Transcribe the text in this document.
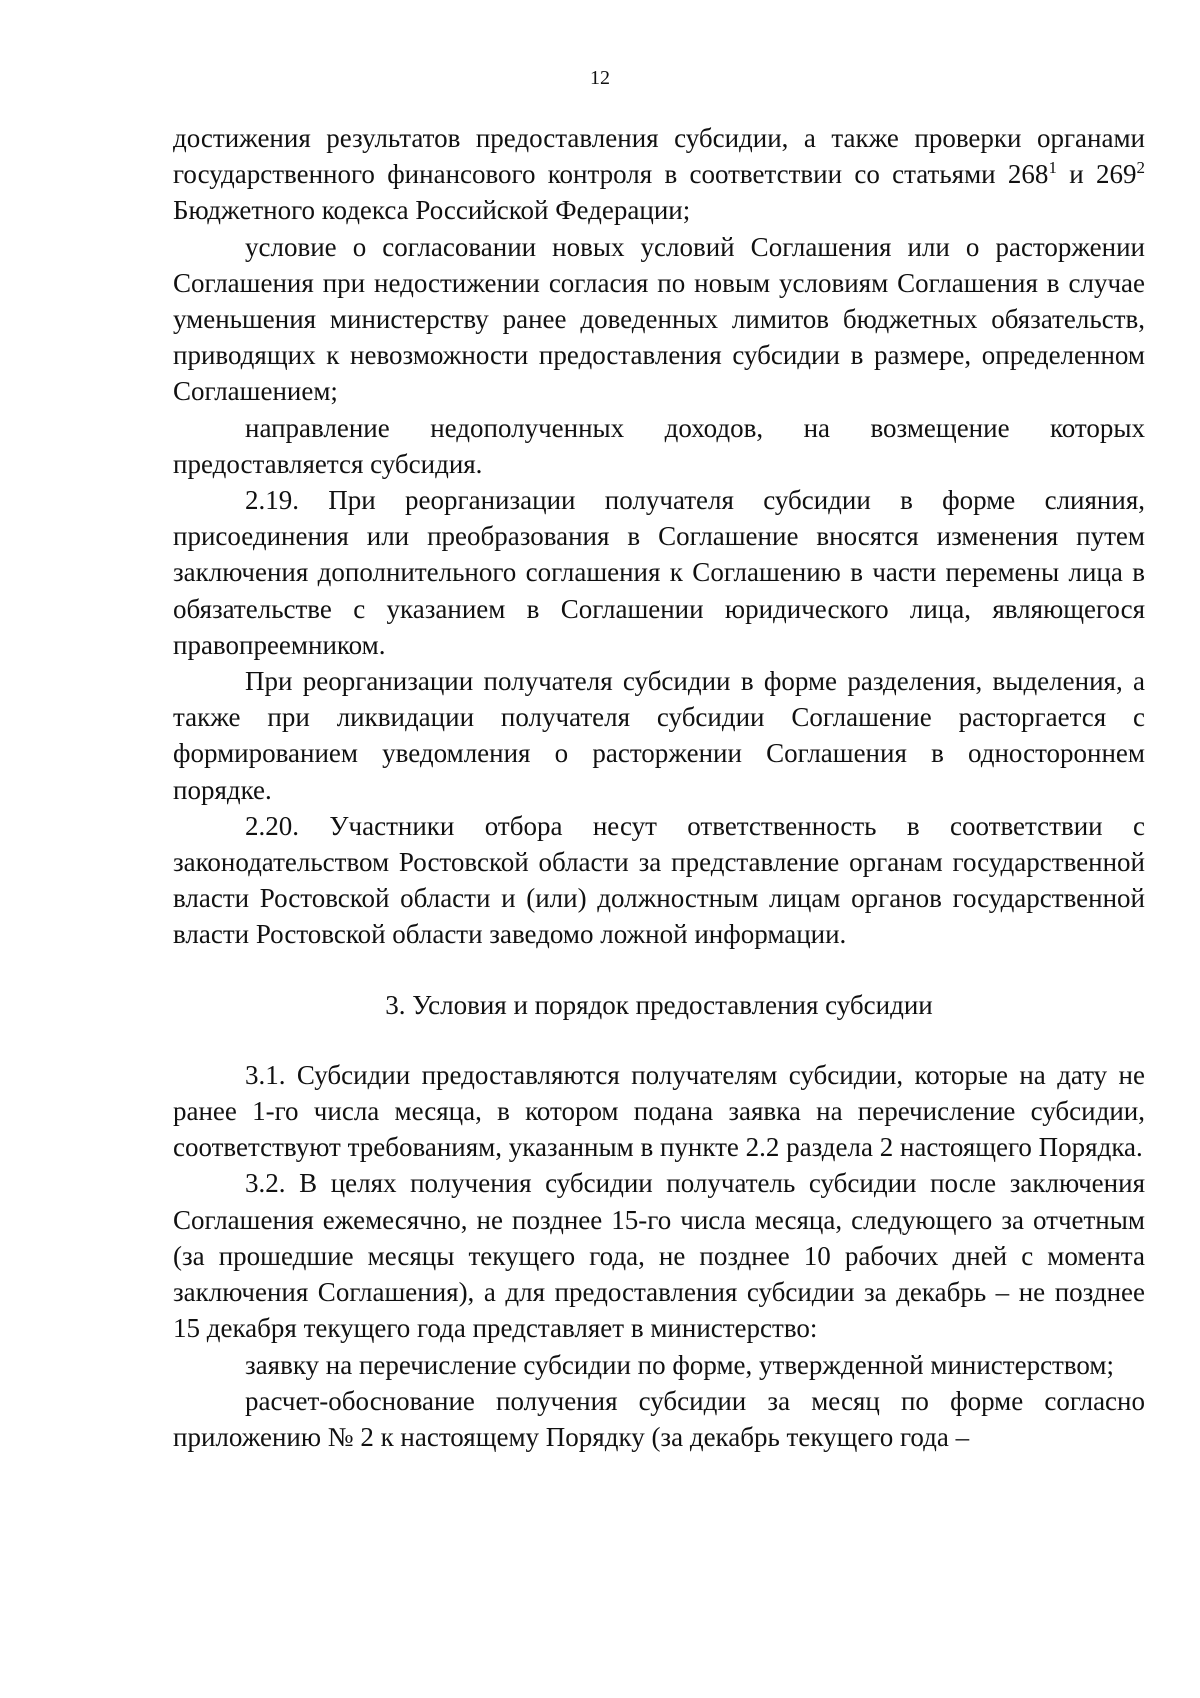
12

достижения результатов предоставления субсидии, а также проверки органами государственного финансового контроля в соответствии со статьями $268^1$ и $269^2$ Бюджетного кодекса Российской Федерации;

условие о согласовании новых условий Соглашения или о расторжении Соглашения при недостижении согласия по новым условиям Соглашения в случае уменьшения министерству ранее доведенных лимитов бюджетных обязательств, приводящих к невозможности предоставления субсидии в размере, определенном Соглашением;

направление недополученных доходов, на возмещение которых предоставляется субсидия.

2.19. При реорганизации получателя субсидии в форме слияния, присоединения или преобразования в Соглашение вносятся изменения путем заключения дополнительного соглашения к Соглашению в части перемены лица в обязательстве с указанием в Соглашении юридического лица, являющегося правопреемником.

При реорганизации получателя субсидии в форме разделения, выделения, а также при ликвидации получателя субсидии Соглашение расторгается с формированием уведомления о расторжении Соглашения в одностороннем порядке.

2.20. Участники отбора несут ответственность в соответствии с законодательством Ростовской области за представление органам государственной власти Ростовской области и (или) должностным лицам органов государственной власти Ростовской области заведомо ложной информации.

3. Условия и порядок предоставления субсидии

3.1. Субсидии предоставляются получателям субсидии, которые на дату не ранее 1-го числа месяца, в котором подана заявка на перечисление субсидии, соответствуют требованиям, указанным в пункте 2.2 раздела 2 настоящего Порядка.

3.2. В целях получения субсидии получатель субсидии после заключения Соглашения ежемесячно, не позднее 15-го числа месяца, следующего за отчетным (за прошедшие месяцы текущего года, не позднее 10 рабочих дней с момента заключения Соглашения), а для предоставления субсидии за декабрь – не позднее 15 декабря текущего года представляет в министерство:

заявку на перечисление субсидии по форме, утвержденной министерством;

расчет-обоснование получения субсидии за месяц по форме согласно приложению № 2 к настоящему Порядку (за декабрь текущего года –
